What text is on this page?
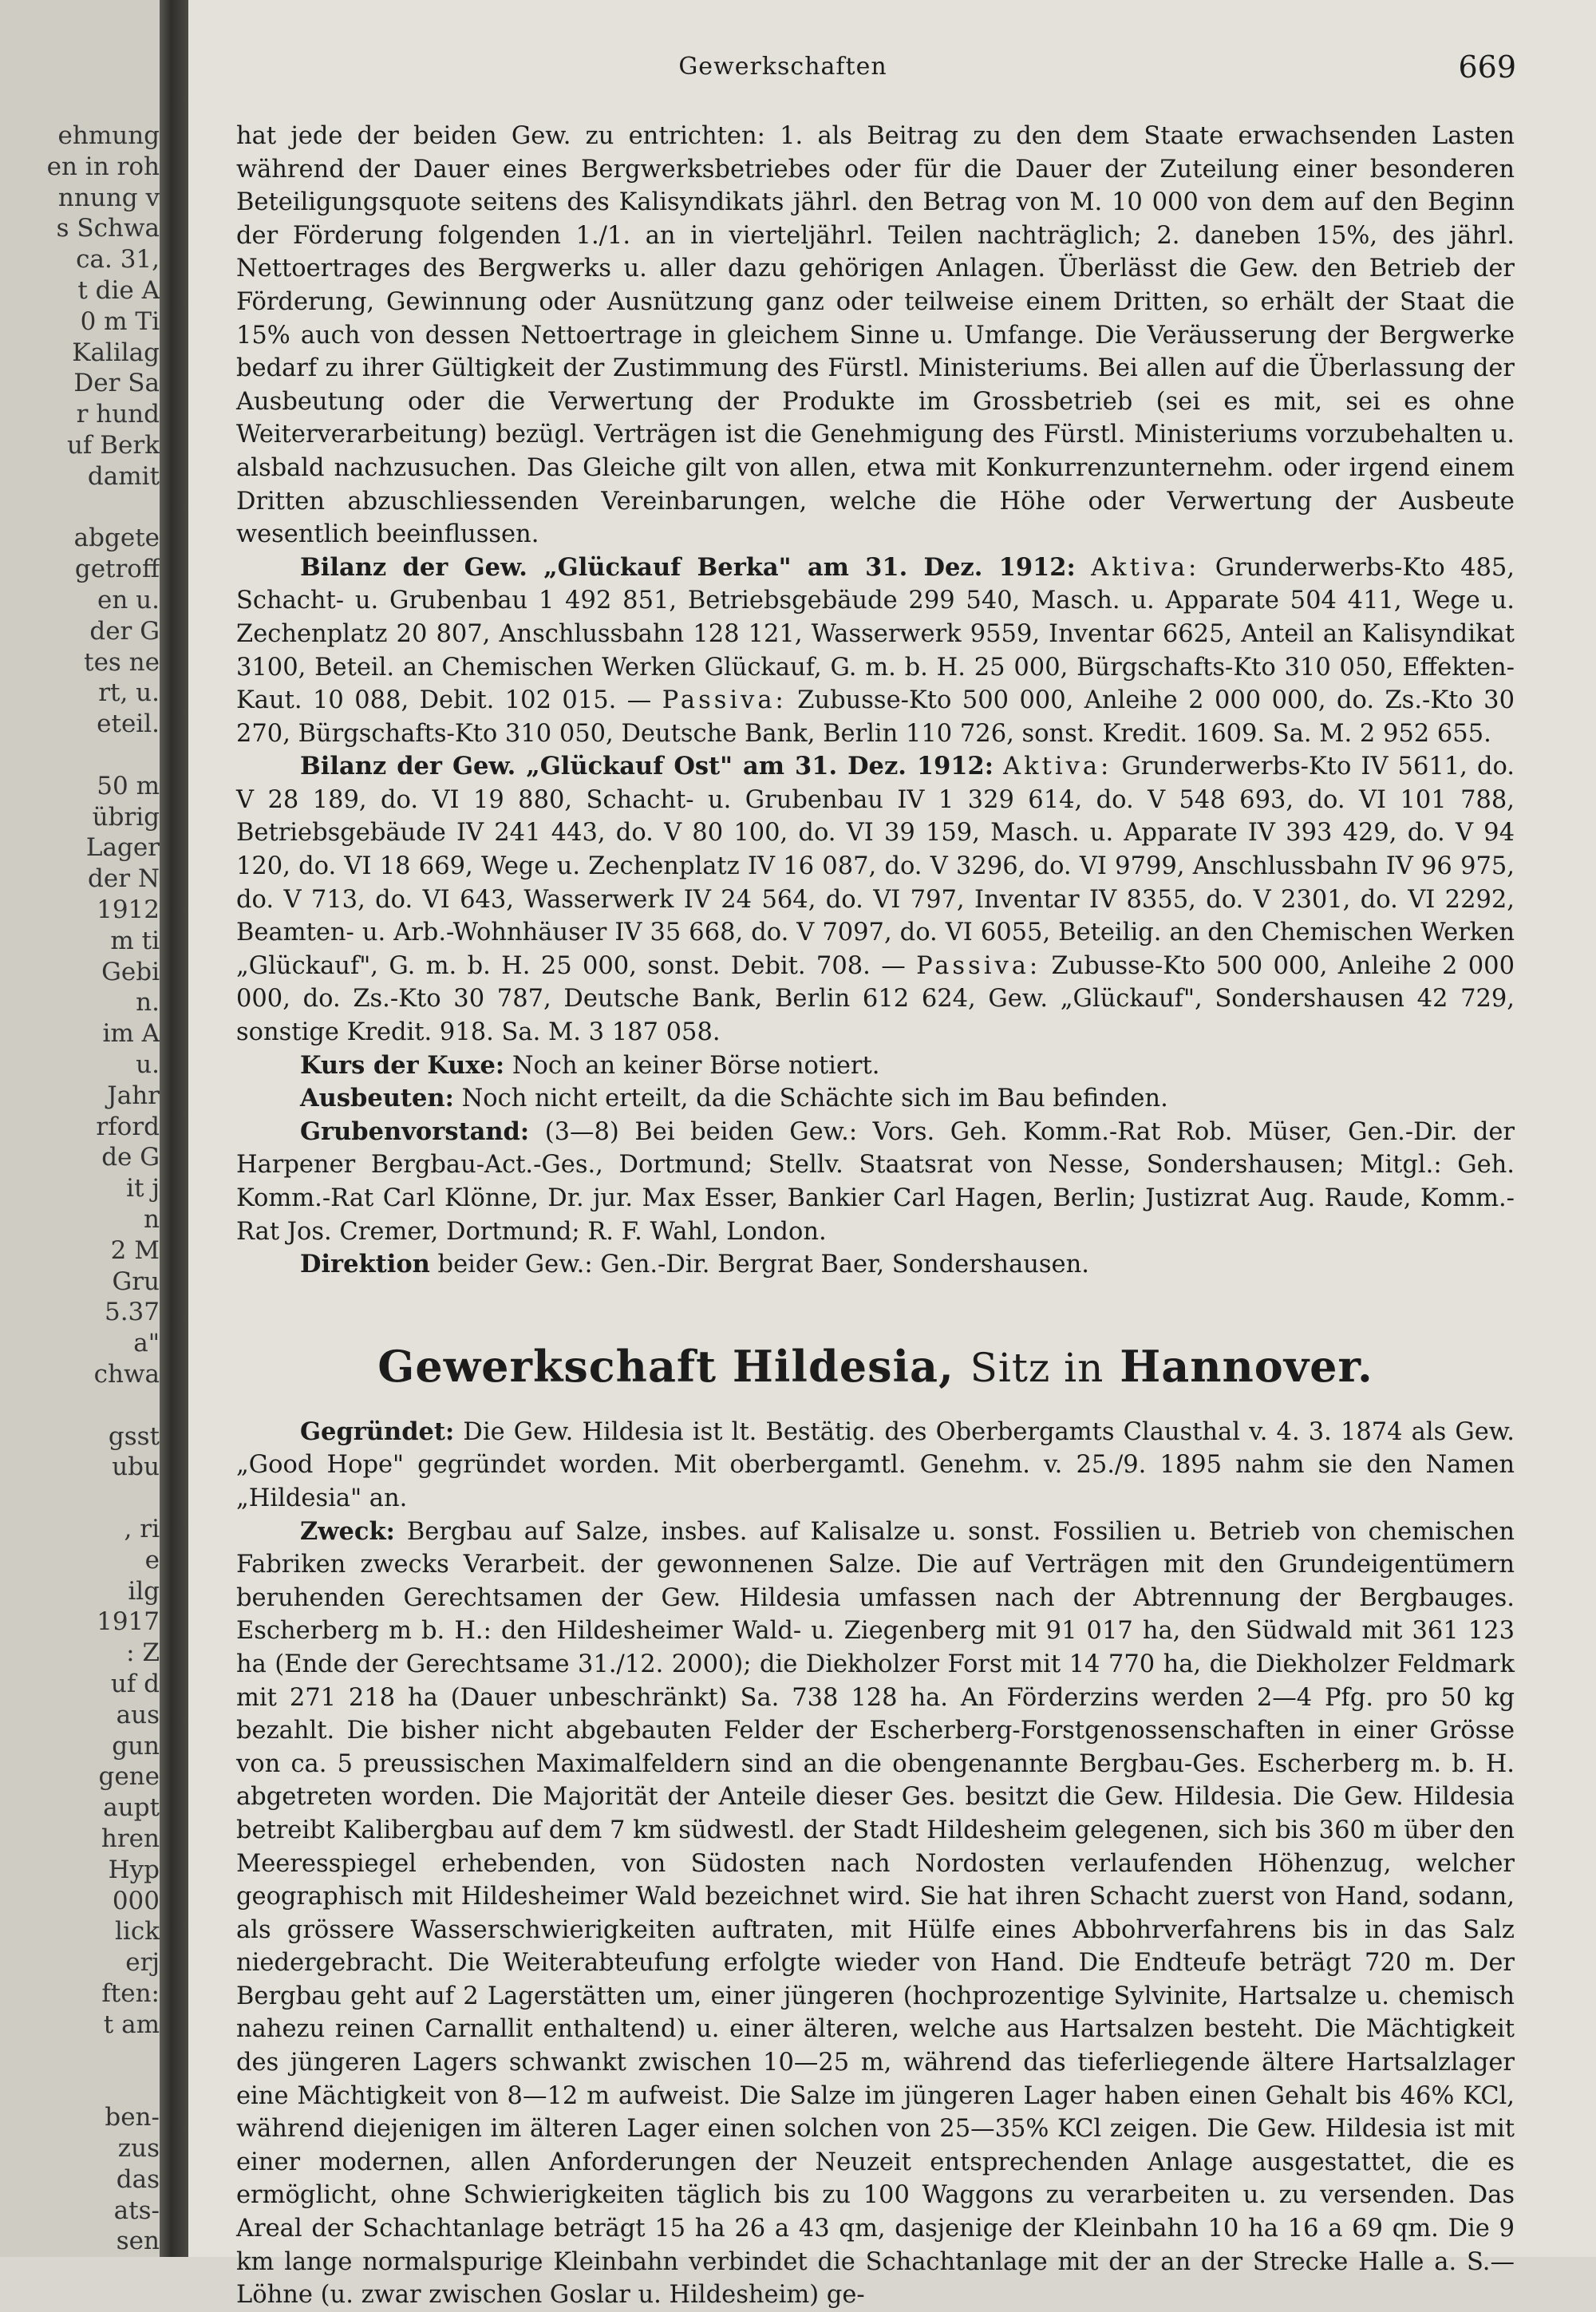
ehmung
en in roh
nnung v
s Schwa
ca. 31,
t die A
0 m Ti
Kalilag
Der Sa
r hund
uf Berk
damit
abgete
getroff
en u.
der G
tes ne
rt, u.
eteil.
50 m
übrig
Lager
der N
1912
m ti
Gebi
n.
im A
u.
Jahr
rford
de G
it j
n
2 M
Gru
5.37
a"
chwa
gsst
ubu
, ri
e
ilg
1917
: Z
uf d
aus
gun
gene
aupt
hren
Hyp
000
lick
erj
ften:
t am
ben-
zus
das
ats-
sen
Gewerkschaften	669

hat jede der beiden Gew. zu entrichten: 1. als Beitrag zu den dem Staate erwachsenden Lasten während der Dauer eines Bergwerksbetriebes oder für die Dauer der Zuteilung einer besonderen Beteiligungsquote seitens des Kalisyndikats jährl. den Betrag von M. 10 000 von dem auf den Beginn der Förderung folgenden 1./1. an in vierteljährl. Teilen nachträglich; 2. daneben 15%, des jährl. Nettoertrages des Bergwerks u. aller dazu gehörigen Anlagen. Überlässt die Gew. den Betrieb der Förderung, Gewinnung oder Ausnützung ganz oder teilweise einem Dritten, so erhält der Staat die 15% auch von dessen Nettoertrage in gleichem Sinne u. Umfange. Die Veräusserung der Bergwerke bedarf zu ihrer Gültigkeit der Zustimmung des Fürstl. Ministeriums. Bei allen auf die Überlassung der Ausbeutung oder die Verwertung der Produkte im Grossbetrieb (sei es mit, sei es ohne Weiterverarbeitung) bezügl. Verträgen ist die Genehmigung des Fürstl. Ministeriums vorzubehalten u. alsbald nachzusuchen. Das Gleiche gilt von allen, etwa mit Konkurrenzunternehm. oder irgend einem Dritten abzuschliessenden Vereinbarungen, welche die Höhe oder Verwertung der Ausbeute wesentlich beeinflussen.

Bilanz der Gew. „Glückauf Berka" am 31. Dez. 1912: Aktiva: Grunderwerbs-Kto 485, Schacht- u. Grubenbau 1 492 851, Betriebsgebäude 299 540, Masch. u. Apparate 504 411, Wege u. Zechenplatz 20 807, Anschlussbahn 128 121, Wasserwerk 9559, Inventar 6625, Anteil an Kalisyndikat 3100, Beteil. an Chemischen Werken Glückauf, G. m. b. H. 25 000, Bürgschafts-Kto 310 050, Effekten-Kaut. 10 088, Debit. 102 015. — Passiva: Zubusse-Kto 500 000, Anleihe 2 000 000, do. Zs.-Kto 30 270, Bürgschafts-Kto 310 050, Deutsche Bank, Berlin 110 726, sonst. Kredit. 1609. Sa. M. 2 952 655.

Bilanz der Gew. „Glückauf Ost" am 31. Dez. 1912: Aktiva: Grunderwerbs-Kto IV 5611, do. V 28 189, do. VI 19 880, Schacht- u. Grubenbau IV 1 329 614, do. V 548 693, do. VI 101 788, Betriebsgebäude IV 241 443, do. V 80 100, do. VI 39 159, Masch. u. Apparate IV 393 429, do. V 94 120, do. VI 18 669, Wege u. Zechenplatz IV 16 087, do. V 3296, do. VI 9799, Anschlussbahn IV 96 975, do. V 713, do. VI 643, Wasserwerk IV 24 564, do. VI 797, Inventar IV 8355, do. V 2301, do. VI 2292, Beamten- u. Arb.-Wohnhäuser IV 35 668, do. V 7097, do. VI 6055, Beteilig. an den Chemischen Werken „Glückauf", G. m. b. H. 25 000, sonst. Debit. 708. — Passiva: Zubusse-Kto 500 000, Anleihe 2 000 000, do. Zs.-Kto 30 787, Deutsche Bank, Berlin 612 624, Gew. „Glückauf", Sondershausen 42 729, sonstige Kredit. 918. Sa. M. 3 187 058.

Kurs der Kuxe: Noch an keiner Börse notiert.

Ausbeuten: Noch nicht erteilt, da die Schächte sich im Bau befinden.

Grubenvorstand: (3—8) Bei beiden Gew.: Vors. Geh. Komm.-Rat Rob. Müser, Gen.-Dir. der Harpener Bergbau-Act.-Ges., Dortmund; Stellv. Staatsrat von Nesse, Sondershausen; Mitgl.: Geh. Komm.-Rat Carl Klönne, Dr. jur. Max Esser, Bankier Carl Hagen, Berlin; Justizrat Aug. Raude, Komm.-Rat Jos. Cremer, Dortmund; R. F. Wahl, London.

Direktion beider Gew.: Gen.-Dir. Bergrat Baer, Sondershausen.

Gewerkschaft Hildesia, Sitz in Hannover.

Gegründet: Die Gew. Hildesia ist lt. Bestätig. des Oberbergamts Clausthal v. 4. 3. 1874 als Gew. „Good Hope" gegründet worden. Mit oberbergamtl. Genehm. v. 25./9. 1895 nahm sie den Namen „Hildesia" an.

Zweck: Bergbau auf Salze, insbes. auf Kalisalze u. sonst. Fossilien u. Betrieb von chemischen Fabriken zwecks Verarbeit. der gewonnenen Salze. Die auf Verträgen mit den Grundeigentümern beruhenden Gerechtsamen der Gew. Hildesia umfassen nach der Abtrennung der Bergbauges. Escherberg m b. H.: den Hildesheimer Wald- u. Ziegenberg mit 91 017 ha, den Südwald mit 361 123 ha (Ende der Gerechtsame 31./12. 2000); die Diekholzer Forst mit 14 770 ha, die Diekholzer Feldmark mit 271 218 ha (Dauer unbeschränkt) Sa. 738 128 ha. An Förderzins werden 2—4 Pfg. pro 50 kg bezahlt. Die bisher nicht abgebauten Felder der Escherberg-Forstgenossenschaften in einer Grösse von ca. 5 preussischen Maximalfeldern sind an die obengenannte Bergbau-Ges. Escherberg m. b. H. abgetreten worden. Die Majorität der Anteile dieser Ges. besitzt die Gew. Hildesia. Die Gew. Hildesia betreibt Kalibergbau auf dem 7 km südwestl. der Stadt Hildesheim gelegenen, sich bis 360 m über den Meeresspiegel erhebenden, von Südosten nach Nordosten verlaufenden Höhenzug, welcher geographisch mit Hildesheimer Wald bezeichnet wird. Sie hat ihren Schacht zuerst von Hand, sodann, als grössere Wasserschwierigkeiten auftraten, mit Hülfe eines Abbohrverfahrens bis in das Salz niedergebracht. Die Weiterabteufung erfolgte wieder von Hand. Die Endteufe beträgt 720 m. Der Bergbau geht auf 2 Lagerstätten um, einer jüngeren (hochprozentige Sylvinite, Hartsalze u. chemisch nahezu reinen Carnallit enthaltend) u. einer älteren, welche aus Hartsalzen besteht. Die Mächtigkeit des jüngeren Lagers schwankt zwischen 10—25 m, während das tieferliegende ältere Hartsalzlager eine Mächtigkeit von 8—12 m aufweist. Die Salze im jüngeren Lager haben einen Gehalt bis 46% KCl, während diejenigen im älteren Lager einen solchen von 25—35% KCl zeigen. Die Gew. Hildesia ist mit einer modernen, allen Anforderungen der Neuzeit entsprechenden Anlage ausgestattet, die es ermöglicht, ohne Schwierigkeiten täglich bis zu 100 Waggons zu verarbeiten u. zu versenden. Das Areal der Schachtanlage beträgt 15 ha 26 a 43 qm, dasjenige der Kleinbahn 10 ha 16 a 69 qm. Die 9 km lange normalspurige Kleinbahn verbindet die Schachtanlage mit der an der Strecke Halle a. S.—Löhne (u. zwar zwischen Goslar u. Hildesheim) ge-
